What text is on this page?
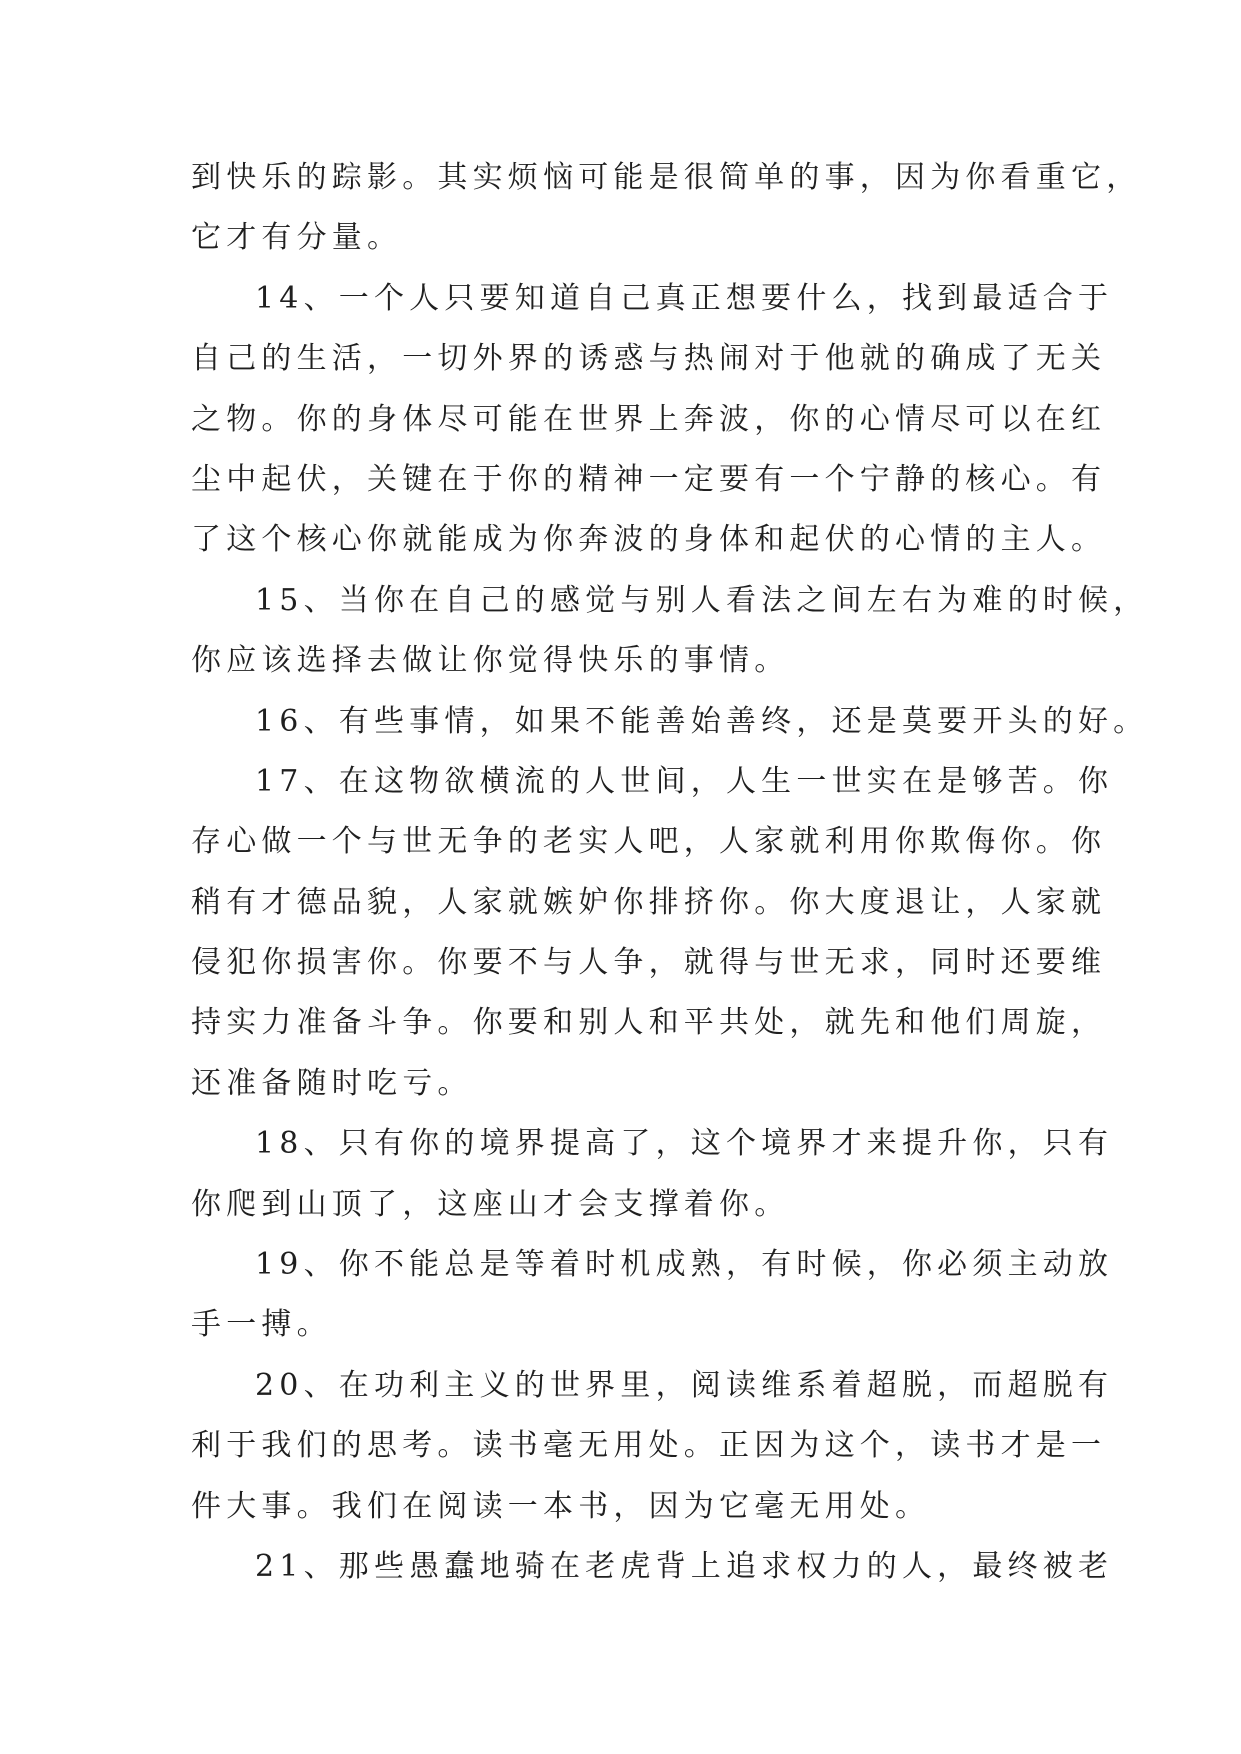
到快乐的踪影。其实烦恼可能是很简单的事，因为你看重它，
它才有分量。
14、一个人只要知道自己真正想要什么，找到最适合于
自己的生活，一切外界的诱惑与热闹对于他就的确成了无关
之物。你的身体尽可能在世界上奔波，你的心情尽可以在红
尘中起伏，关键在于你的精神一定要有一个宁静的核心。有
了这个核心你就能成为你奔波的身体和起伏的心情的主人。
15、当你在自己的感觉与别人看法之间左右为难的时候，
你应该选择去做让你觉得快乐的事情。
16、有些事情，如果不能善始善终，还是莫要开头的好。
17、在这物欲横流的人世间，人生一世实在是够苦。你
存心做一个与世无争的老实人吧，人家就利用你欺侮你。你
稍有才德品貌，人家就嫉妒你排挤你。你大度退让，人家就
侵犯你损害你。你要不与人争，就得与世无求，同时还要维
持实力准备斗争。你要和别人和平共处，就先和他们周旋，
还准备随时吃亏。
18、只有你的境界提高了，这个境界才来提升你，只有
你爬到山顶了，这座山才会支撑着你。
19、你不能总是等着时机成熟，有时候，你必须主动放
手一搏。
20、在功利主义的世界里，阅读维系着超脱，而超脱有
利于我们的思考。读书毫无用处。正因为这个，读书才是一
件大事。我们在阅读一本书，因为它毫无用处。
21、那些愚蠢地骑在老虎背上追求权力的人，最终被老
